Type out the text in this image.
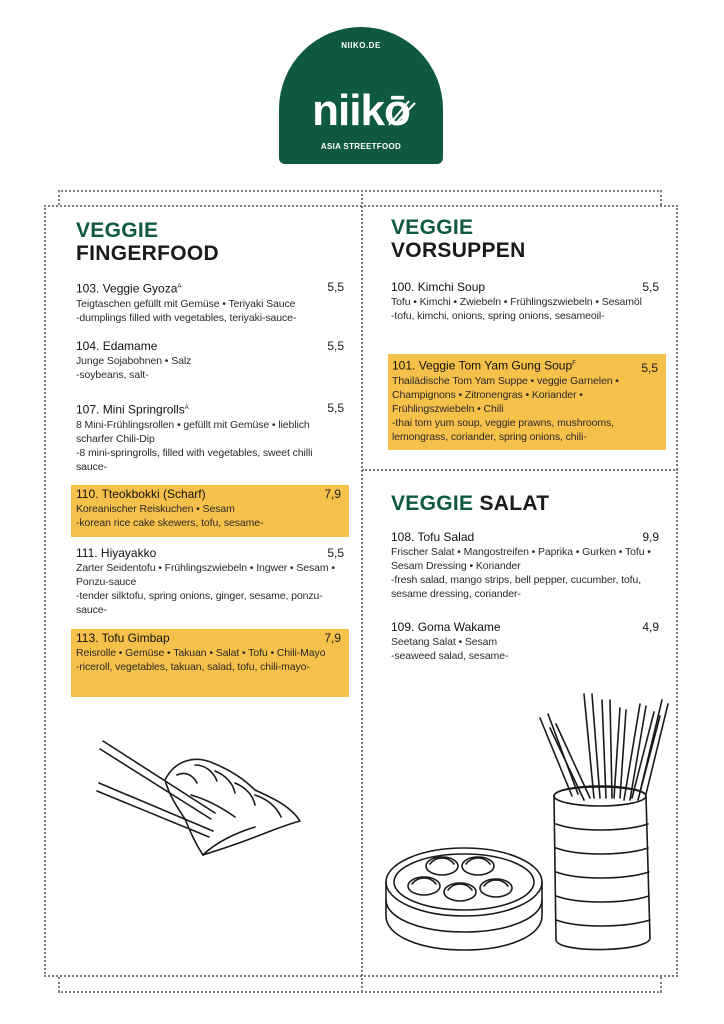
NIIKO.DE
niikō
ASIA STREETFOOD
VEGGIE
FINGERFOOD
103. Veggie Gyoza$^A$	5,5
Teigtaschen gefüllt mit Gemüse • Teriyaki Sauce
-dumplings filled with vegetables, teriyaki-sauce-
104. Edamame	5,5
Junge Sojabohnen • Salz
-soybeans, salt-
107. Mini Springrolls$^A$	5,5
8 Mini-Frühlingsrollen • gefüllt mit Gemüse • lieblich scharfer Chili-Dip
-8 mini-springrolls, filled with vegetables, sweet chilli sauce-
110. Tteokbokki (Scharf)	7,9
Koreanischer Reiskuchen • Sesam
-korean rice cake skewers, tofu, sesame-
111. Hiyayakko	5,5
Zarter Seidentofu • Frühlingszwiebeln • Ingwer • Sesam • Ponzu-sauce
-tender silktofu, spring onions, ginger, sesame, ponzu-sauce-
113. Tofu Gimbap	7,9
Reisrolle • Gemüse • Takuan • Salat • Tofu • Chili-Mayo
-riceroll, vegetables, takuan, salad, tofu, chili-mayo-
VEGGIE
VORSUPPEN
100. Kimchi Soup	5,5
Tofu • Kimchi • Zwiebeln • Frühlingszwiebeln • Sesamöl
-tofu, kimchi, onions, spring onions, sesameoil-
101. Veggie Tom Yam Gung Soup$^F$	5,5
Thailädische Tom Yam Suppe • veggie Garnelen • Champignons • Zitronengras • Koriander • Frühlingszwiebeln • Chili
-thai tom yum soup, veggie prawns, mushrooms, lemongrass, coriander, spring onions, chili-
VEGGIE SALAT
108. Tofu Salad	9,9
Frischer Salat • Mangostreifen • Paprika • Gurken • Tofu • Sesam Dressing • Koriander
-fresh salad, mango strips, bell pepper, cucumber, tofu, sesame dressing, coriander-
109. Goma Wakame	4,9
Seetang Salat • Sesam
-seaweed salad, sesame-
